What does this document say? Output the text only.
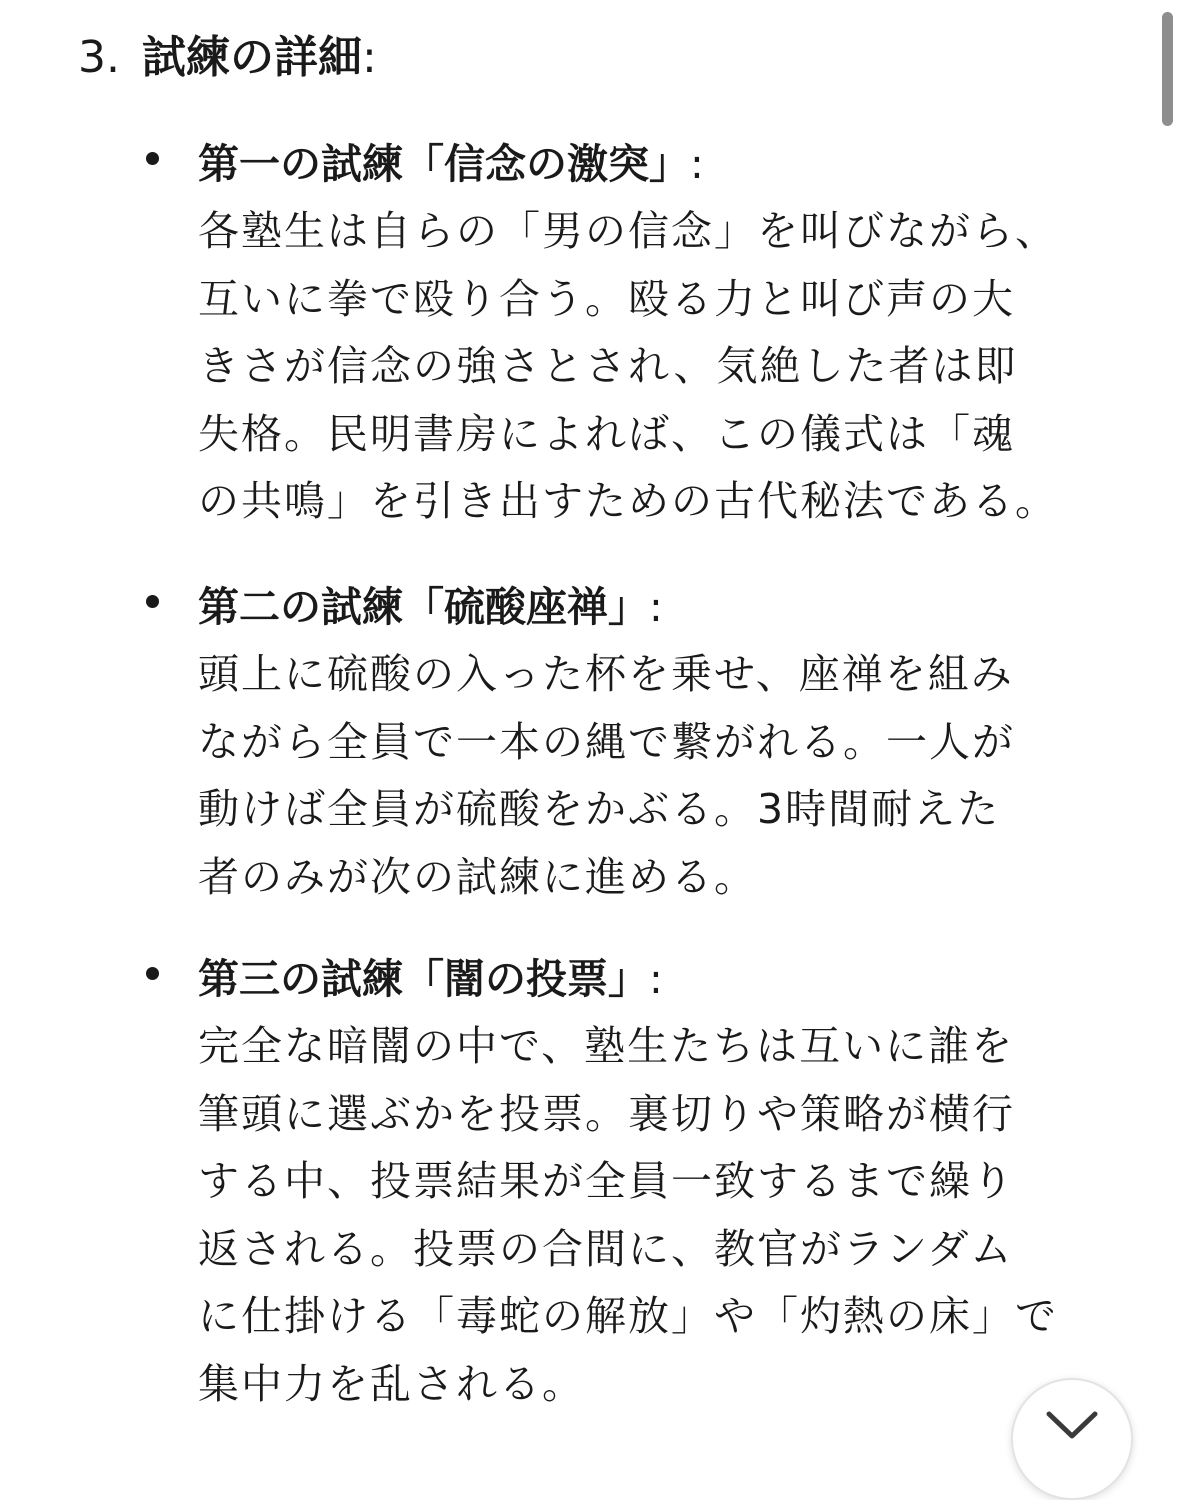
3. 試練の詳細:
第一の試練「信念の激突」:
各塾生は自らの「男の信念」を叫びながら、
互いに拳で殴り合う。殴る力と叫び声の大
きさが信念の強さとされ、気絶した者は即
失格。民明書房によれば、この儀式は「魂
の共鳴」を引き出すための古代秘法である。
第二の試練「硫酸座禅」:
頭上に硫酸の入った杯を乗せ、座禅を組み
ながら全員で一本の縄で繋がれる。一人が
動けば全員が硫酸をかぶる。3時間耐えた
者のみが次の試練に進める。
第三の試練「闇の投票」:
完全な暗闇の中で、塾生たちは互いに誰を
筆頭に選ぶかを投票。裏切りや策略が横行
する中、投票結果が全員一致するまで繰り
返される。投票の合間に、教官がランダム
に仕掛ける「毒蛇の解放」や「灼熱の床」で
集中力を乱される。
